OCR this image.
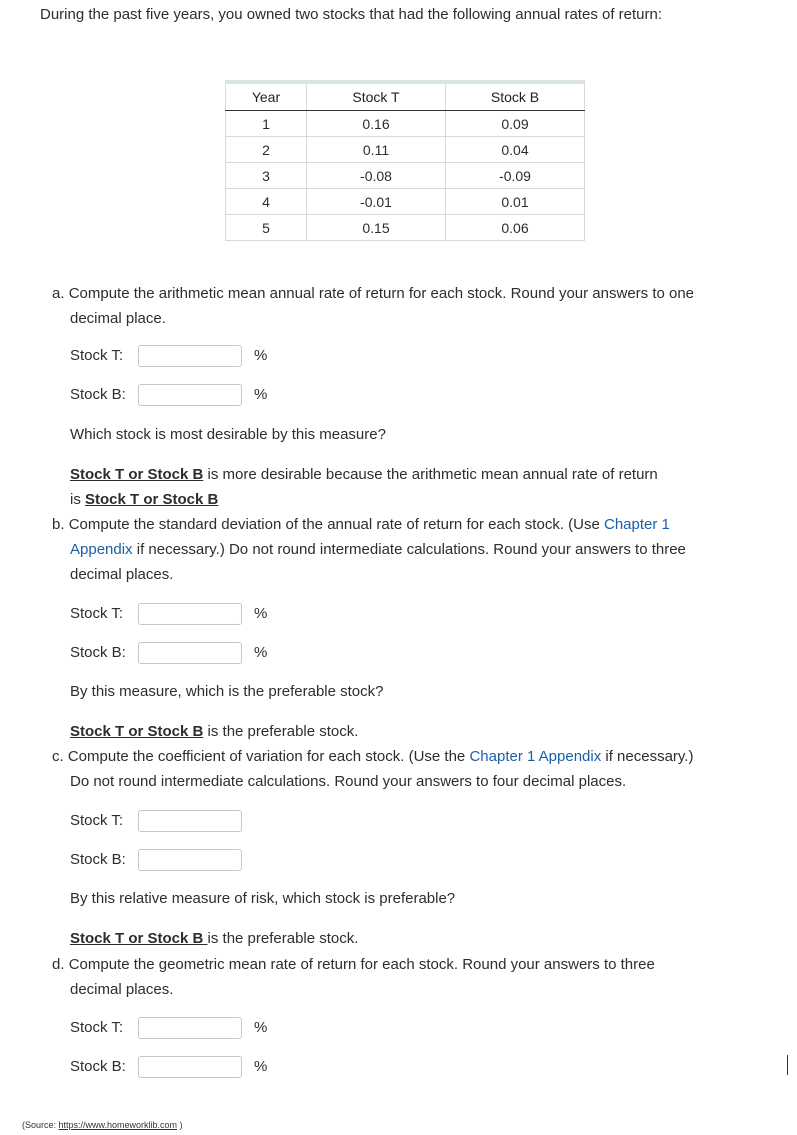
During the past five years, you owned two stocks that had the following annual rates of return:
Year	Stock T	Stock B
1	0.16	0.09
2	0.11	0.04
3	-0.08	-0.09
4	-0.01	0.01
5	0.15	0.06
a. Compute the arithmetic mean annual rate of return for each stock. Round your answers to one
decimal place.
Stock T:	%
Stock B:	%
Which stock is most desirable by this measure?
Stock T or Stock B is more desirable because the arithmetic mean annual rate of return
is Stock T or Stock B
b. Compute the standard deviation of the annual rate of return for each stock. (Use Chapter 1
Appendix if necessary.) Do not round intermediate calculations. Round your answers to three
decimal places.
Stock T:	%
Stock B:	%
By this measure, which is the preferable stock?
Stock T or Stock B is the preferable stock.
c. Compute the coefficient of variation for each stock. (Use the Chapter 1 Appendix if necessary.)
Do not round intermediate calculations. Round your answers to four decimal places.
Stock T:
Stock B:
By this relative measure of risk, which stock is preferable?
Stock T or Stock B is the preferable stock.
d. Compute the geometric mean rate of return for each stock. Round your answers to three
decimal places.
Stock T:	%
Stock B:	%
(Source: https://www.homeworklib.com )
